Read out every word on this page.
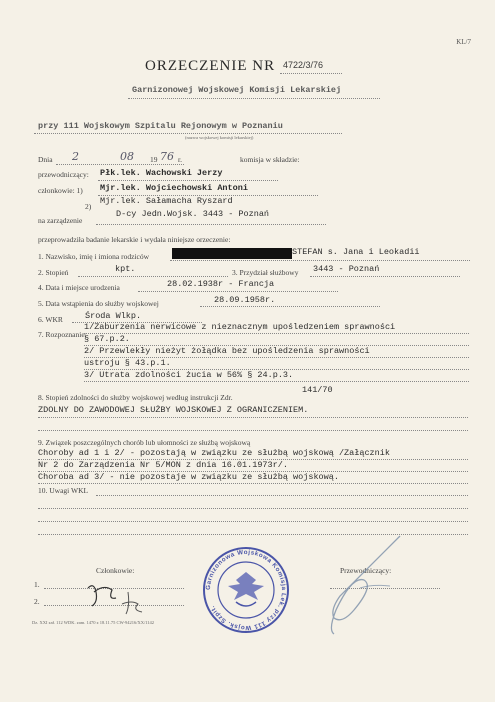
KL/7
ORZECZENIE NR 4722/3/76
Garnizonowej Wojskowej Komisji Lekarskiej
przy 111 Wojskowym Szpitalu Rejonowym w Poznaniu
(nazwa wojskowej komisji lekarskiej)
Dnia 2	08 19 76 r.	komisja w składzie:
przewodniczący: Płk.lek. Wachowski Jerzy
członkowie: 1) Mjr.lek. Wojciechowski Antoni
2)
Mjr.lek. Sałamacha Ryszard
na zarządzenie
D-cy Jedn.Wojsk. 3443 - Poznań
przeprowadziła badanie lekarskie i wydała niniejsze orzeczenie:
1. Nazwisko, imię i imiona rodziców	STEFAN s. Jana i Leokadii
2. Stopień	kpt.	3. Przydział służbowy 3443 - Poznań
4. Data i miejsce urodzenia	28.02.1938r - Francja
5. Data wstąpienia do służby wojskowej	28.09.1958r.
6. WKR	Środa Wlkp.
7. Rozpoznanie:
1/Zaburzenia nerwicowe z nieznacznym upośledzeniem sprawności
§ 67.p.2.
2/ Przewlekły nieżyt żołądka bez upośledzenia sprawności
ustroju § 43.p.1.
3/ Utrata zdolności żucia w 56% § 24.p.3.
8. Stopień zdolności do służby wojskowej według instrukcji Zdr.
141/70
ZDOLNY DO ZAWODOWEJ SŁUŻBY WOJSKOWEJ Z OGRANICZENIEM.
9. Związek poszczególnych chorób lub ułomności ze służbą wojskową
Choroby ad 1 i 2/ - pozostają w związku ze służbą wojskową /Załącznik
Nr 2 do Zarządzenia Nr 5/MON z dnia 16.01.1973r/.
Choroba ad 3/ - nie pozostaje w związku ze służbą wojskową.
10. Uwagi WKL
Członkowie:
1.
2.
Przewodniczący:
Garnizonowa Wojskowa Komisja Lek. przy 111 Wojsk. Szpit.
Dz. XXI zał. 112 WDK. zam. 1470 z 18.11.75 CW-94216/XX/1142
